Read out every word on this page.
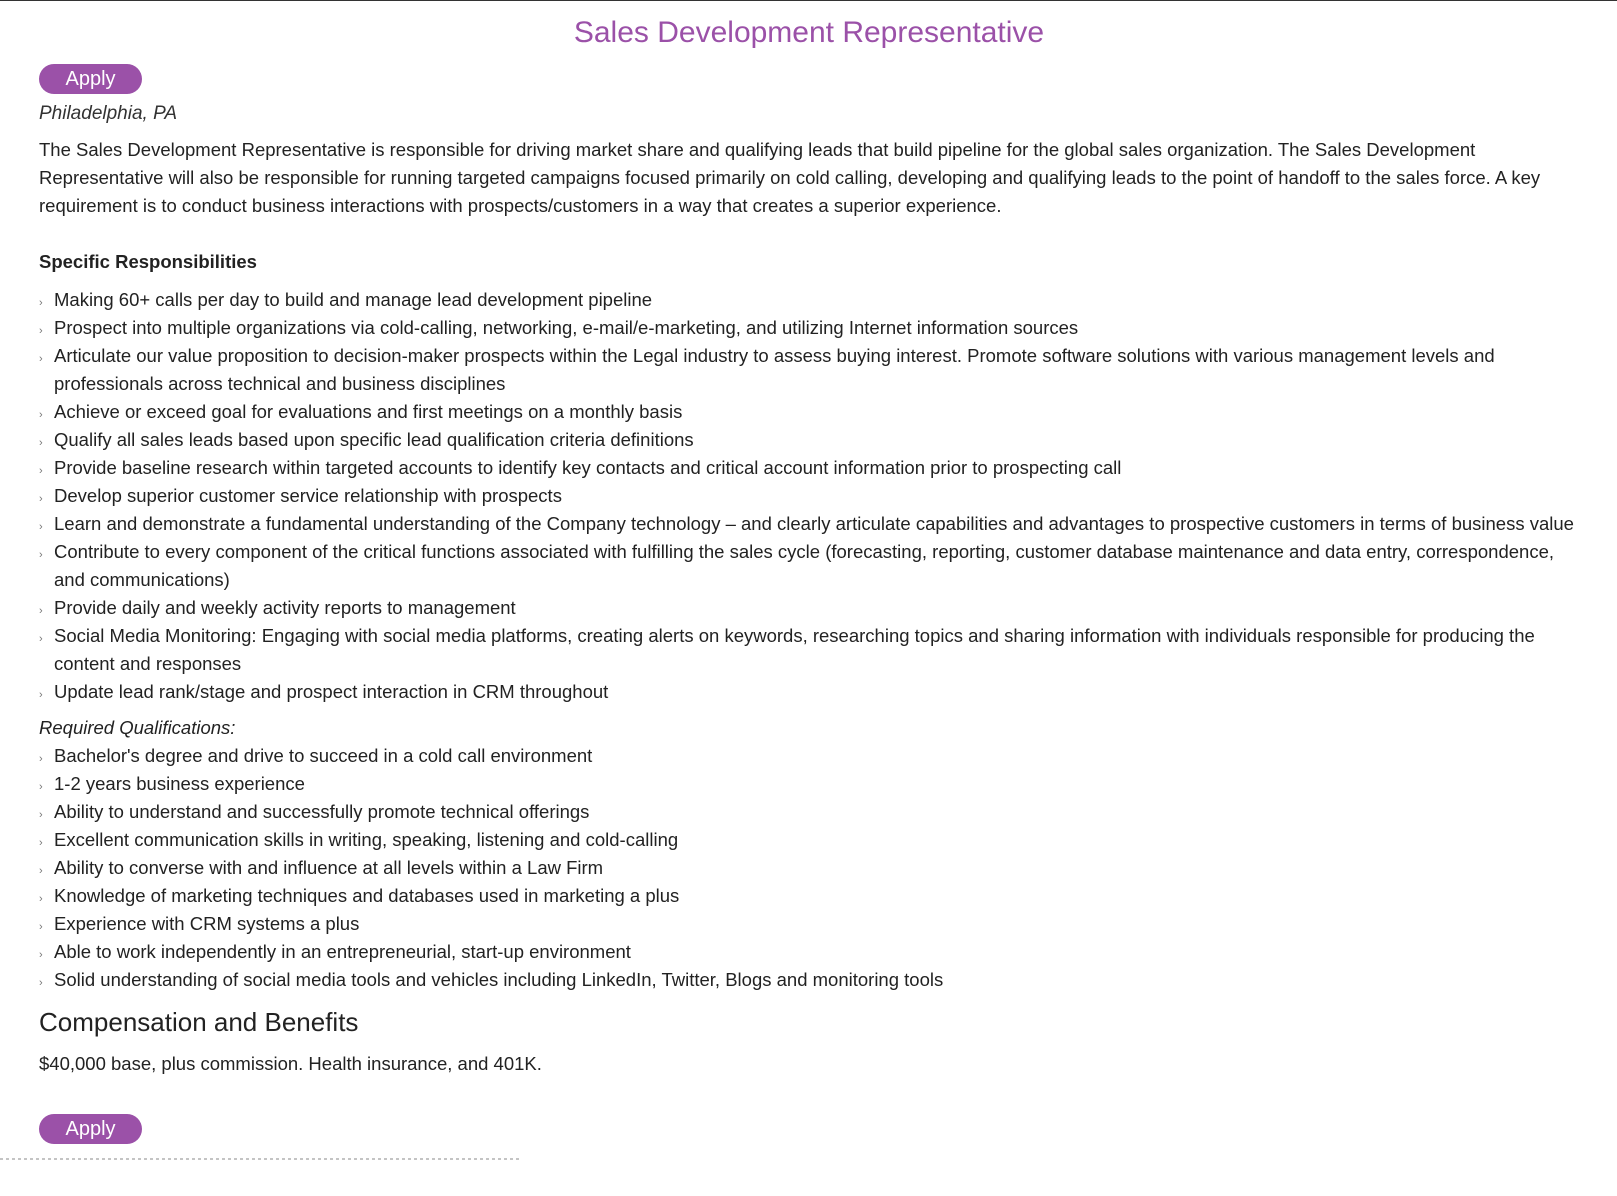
Sales Development Representative
Apply
Philadelphia, PA

The Sales Development Representative is responsible for driving market share and qualifying leads that build pipeline for the global sales organization. The Sales Development Representative will also be responsible for running targeted campaigns focused primarily on cold calling, developing and qualifying leads to the point of handoff to the sales force. A key requirement is to conduct business interactions with prospects/customers in a way that creates a superior experience.

Specific Responsibilities
› Making 60+ calls per day to build and manage lead development pipeline
› Prospect into multiple organizations via cold-calling, networking, e-mail/e-marketing, and utilizing Internet information sources
› Articulate our value proposition to decision-maker prospects within the Legal industry to assess buying interest. Promote software solutions with various management levels and professionals across technical and business disciplines
› Achieve or exceed goal for evaluations and first meetings on a monthly basis
› Qualify all sales leads based upon specific lead qualification criteria definitions
› Provide baseline research within targeted accounts to identify key contacts and critical account information prior to prospecting call
› Develop superior customer service relationship with prospects
› Learn and demonstrate a fundamental understanding of the Company technology – and clearly articulate capabilities and advantages to prospective customers in terms of business value
› Contribute to every component of the critical functions associated with fulfilling the sales cycle (forecasting, reporting, customer database maintenance and data entry, correspondence, and communications)
› Provide daily and weekly activity reports to management
› Social Media Monitoring: Engaging with social media platforms, creating alerts on keywords, researching topics and sharing information with individuals responsible for producing the content and responses
› Update lead rank/stage and prospect interaction in CRM throughout
Required Qualifications:
› Bachelor's degree and drive to succeed in a cold call environment
› 1-2 years business experience
› Ability to understand and successfully promote technical offerings
› Excellent communication skills in writing, speaking, listening and cold-calling
› Ability to converse with and influence at all levels within a Law Firm
› Knowledge of marketing techniques and databases used in marketing a plus
› Experience with CRM systems a plus
› Able to work independently in an entrepreneurial, start-up environment
› Solid understanding of social media tools and vehicles including LinkedIn, Twitter, Blogs and monitoring tools
Compensation and Benefits

$40,000 base, plus commission. Health insurance, and 401K.

Apply
